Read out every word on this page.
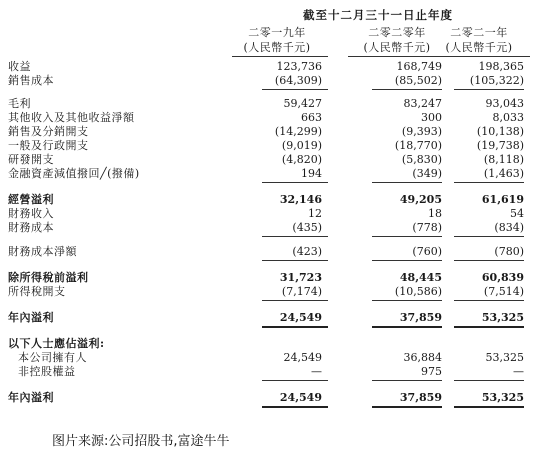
截至十二月三十一日止年度
二零一九年	二零二零年	二零二一年
(人民幣千元)	(人民幣千元)	(人民幣千元)
收益	123,736	168,749	198,365
銷售成本	(64,309)	(85,502)	(105,322)
毛利	59,427	83,247	93,043
其他收入及其他收益淨額	663	300	8,033
銷售及分銷開支	(14,299)	(9,393)	(10,138)
一般及行政開支	(9,019)	(18,770)	(19,738)
研發開支	(4,820)	(5,830)	(8,118)
金融資產減值撥回╱(撥備)	194	(349)	(1,463)
經營溢利	32,146	49,205	61,619
財務收入	12	18	54
財務成本	(435)	(778)	(834)
財務成本淨額	(423)	(760)	(780)
除所得稅前溢利	31,723	48,445	60,839
所得稅開支	(7,174)	(10,586)	(7,514)
年內溢利	24,549	37,859	53,325
以下人士應佔溢利:
本公司擁有人	24,549	36,884	53,325
非控股權益	—	975	—
年內溢利	24,549	37,859	53,325
图片来源:公司招股书,富途牛牛
